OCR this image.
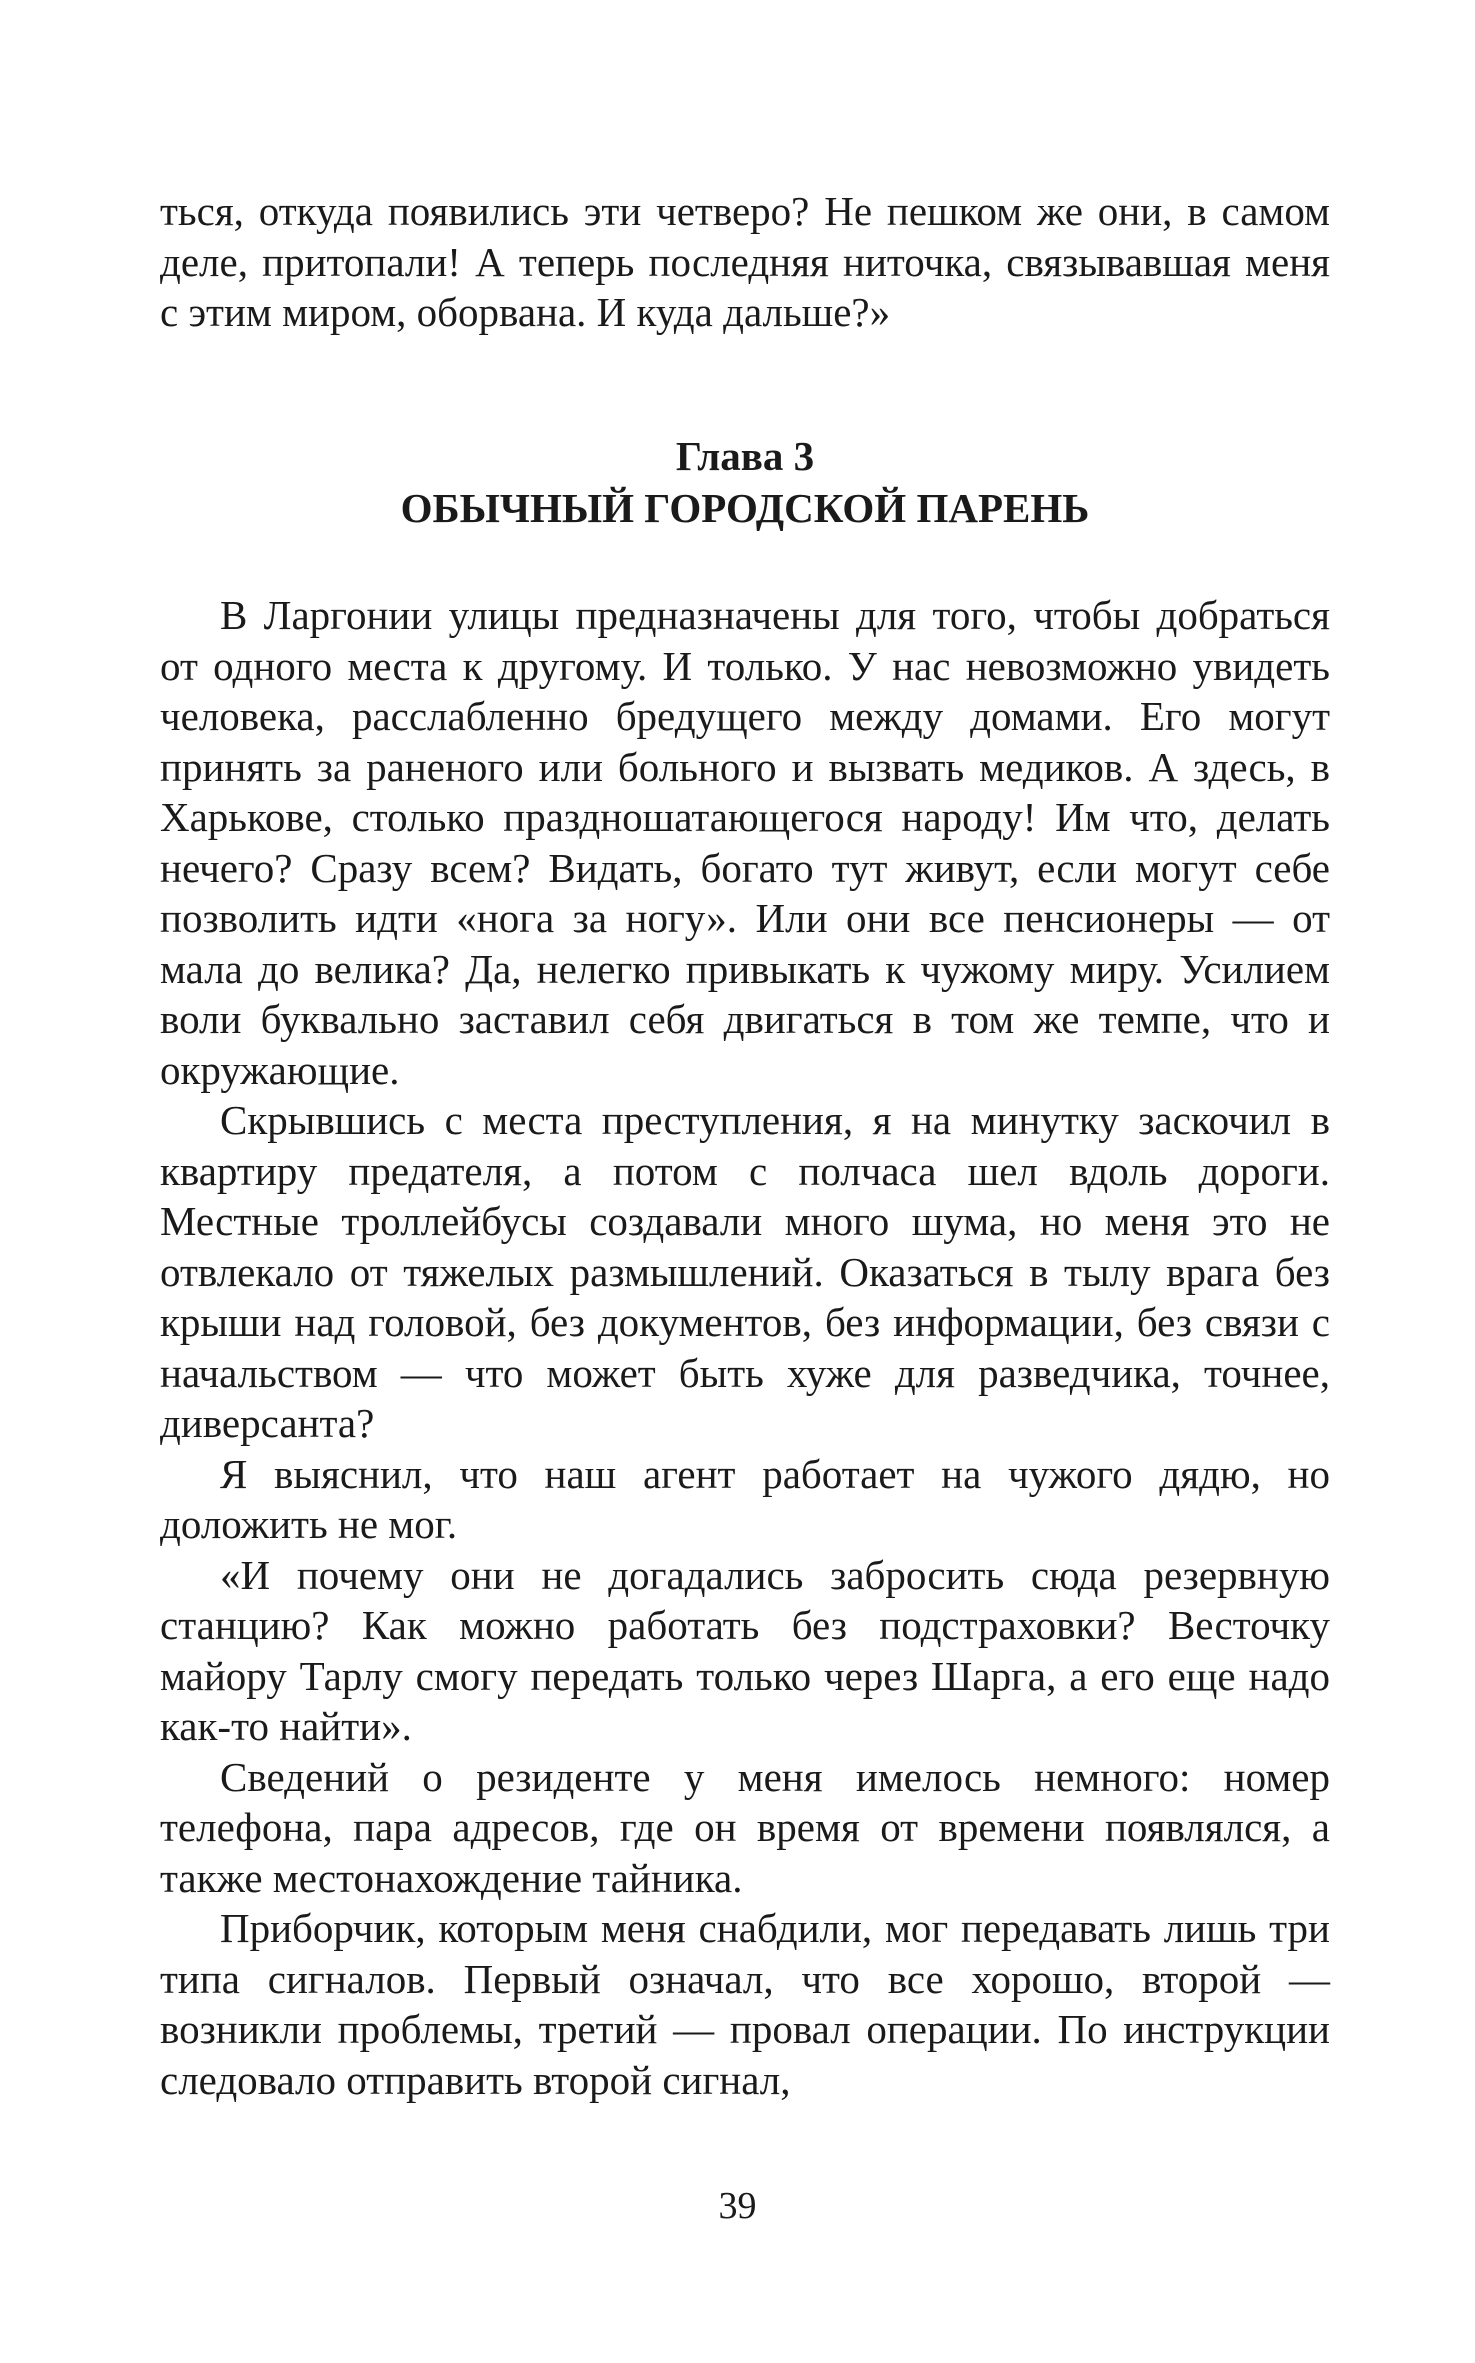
ться, откуда появились эти четверо? Не пешком же они, в самом деле, притопали! А теперь последняя ниточка, связывавшая меня с этим миром, оборвана. И куда дальше?»

Глава 3
ОБЫЧНЫЙ ГОРОДСКОЙ ПАРЕНЬ

В Ларгонии улицы предназначены для того, чтобы добраться от одного места к другому. И только. У нас невозможно увидеть человека, расслабленно бредущего между домами. Его могут принять за раненого или больного и вызвать медиков. А здесь, в Харькове, столько праздношатающегося народу! Им что, делать нечего? Сразу всем? Видать, богато тут живут, если могут себе позволить идти «нога за ногу». Или они все пенсионеры — от мала до велика? Да, нелегко привыкать к чужому миру. Усилием воли буквально заставил себя двигаться в том же темпе, что и окружающие.

Скрывшись с места преступления, я на минутку заскочил в квартиру предателя, а потом с полчаса шел вдоль дороги. Местные троллейбусы создавали много шума, но меня это не отвлекало от тяжелых размышлений. Оказаться в тылу врага без крыши над головой, без документов, без информации, без связи с начальством — что может быть хуже для разведчика, точнее, диверсанта?

Я выяснил, что наш агент работает на чужого дядю, но доложить не мог.

«И почему они не догадались забросить сюда резервную станцию? Как можно работать без подстраховки? Весточку майору Тарлу смогу передать только через Шарга, а его еще надо как-то найти».

Сведений о резиденте у меня имелось немного: номер телефона, пара адресов, где он время от времени появлялся, а также местонахождение тайника.

Приборчик, которым меня снабдили, мог передавать лишь три типа сигналов. Первый означал, что все хорошо, второй — возникли проблемы, третий — провал операции. По инструкции следовало отправить второй сигнал,

39
